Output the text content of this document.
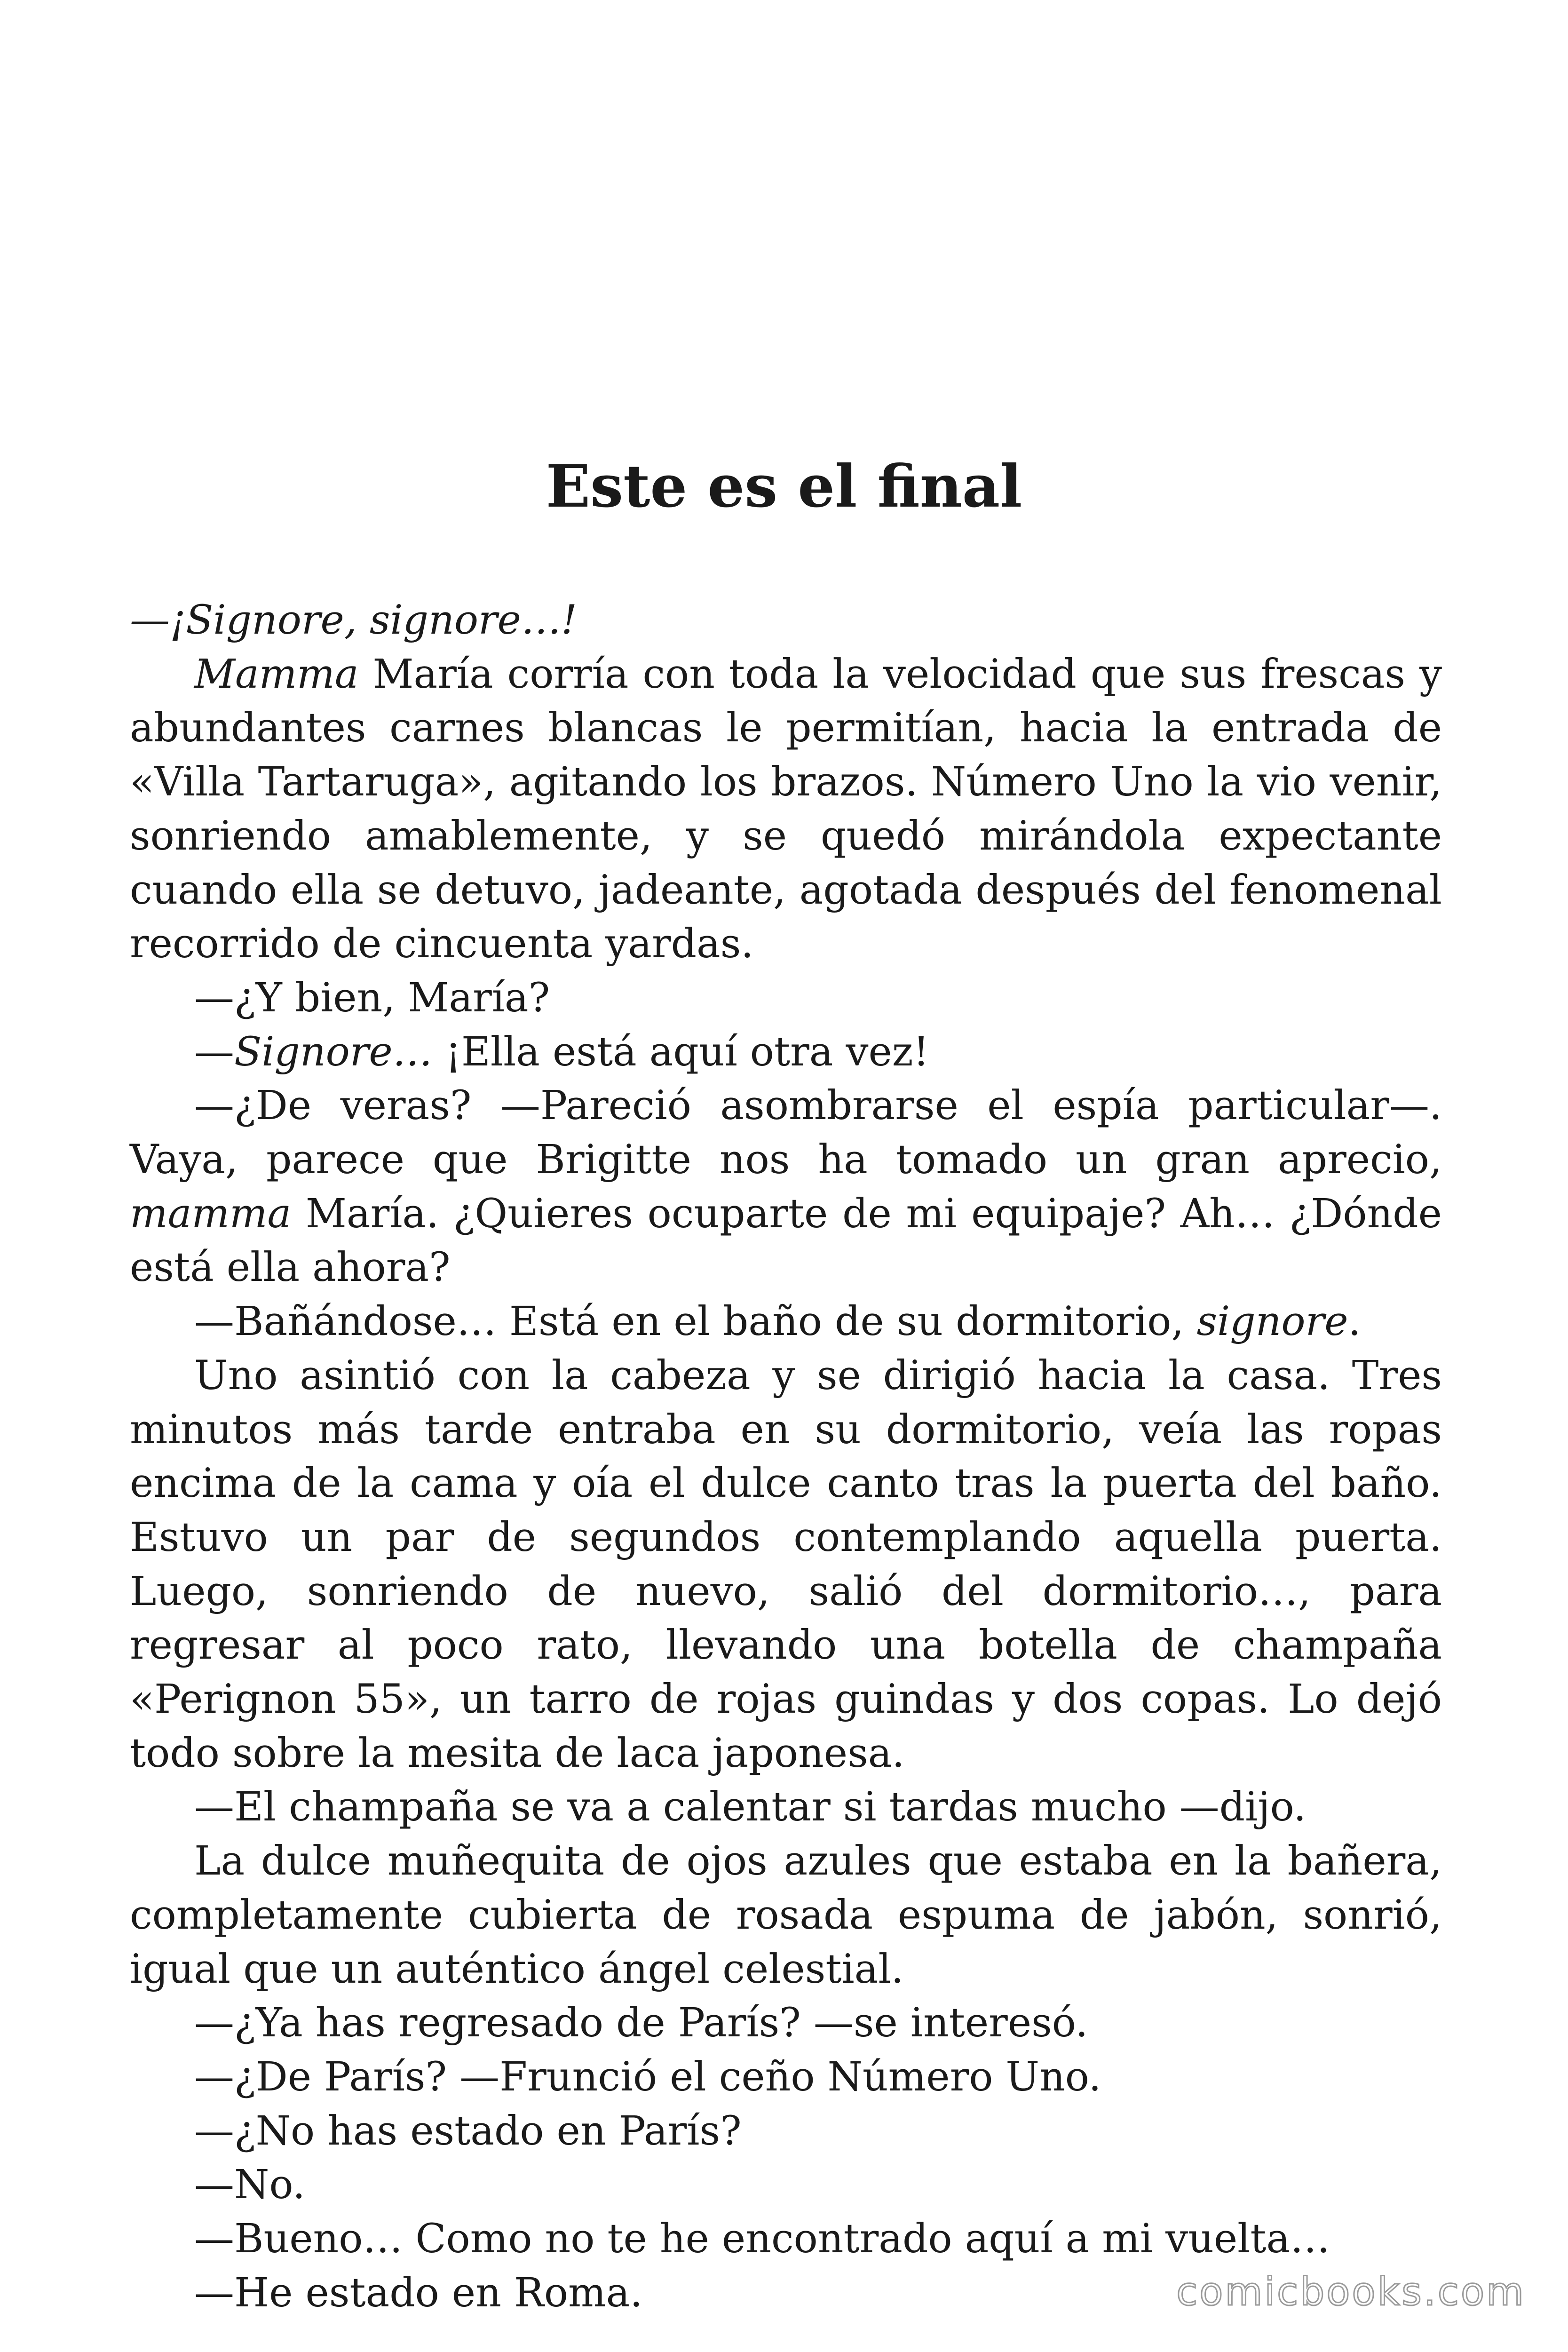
Este es el final

—¡Signore, signore…!

Mamma María corría con toda la velocidad que sus frescas y abundantes carnes blancas le permitían, hacia la entrada de «Villa Tartaruga», agitando los brazos. Número Uno la vio venir, sonriendo amablemente, y se quedó mirándola expectante cuando ella se detuvo, jadeante, agotada después del fenomenal recorrido de cincuenta yardas.

—¿Y bien, María?

—Signore… ¡Ella está aquí otra vez!

—¿De veras? —Pareció asombrarse el espía particular—. Vaya, parece que Brigitte nos ha tomado un gran aprecio, mamma María. ¿Quieres ocuparte de mi equipaje? Ah… ¿Dónde está ella ahora?

—Bañándose… Está en el baño de su dormitorio, signore.

Uno asintió con la cabeza y se dirigió hacia la casa. Tres minutos más tarde entraba en su dormitorio, veía las ropas encima de la cama y oía el dulce canto tras la puerta del baño. Estuvo un par de segundos contemplando aquella puerta. Luego, sonriendo de nuevo, salió del dormitorio…, para regresar al poco rato, llevando una botella de champaña «Perignon 55», un tarro de rojas guindas y dos copas. Lo dejó todo sobre la mesita de laca japonesa.

—El champaña se va a calentar si tardas mucho —dijo.

La dulce muñequita de ojos azules que estaba en la bañera, completamente cubierta de rosada espuma de jabón, sonrió, igual que un auténtico ángel celestial.

—¿Ya has regresado de París? —se interesó.

—¿De París? —Frunció el ceño Número Uno.

—¿No has estado en París?

—No.

—Bueno… Como no te he encontrado aquí a mi vuelta…

—He estado en Roma.	comicbooks.com
